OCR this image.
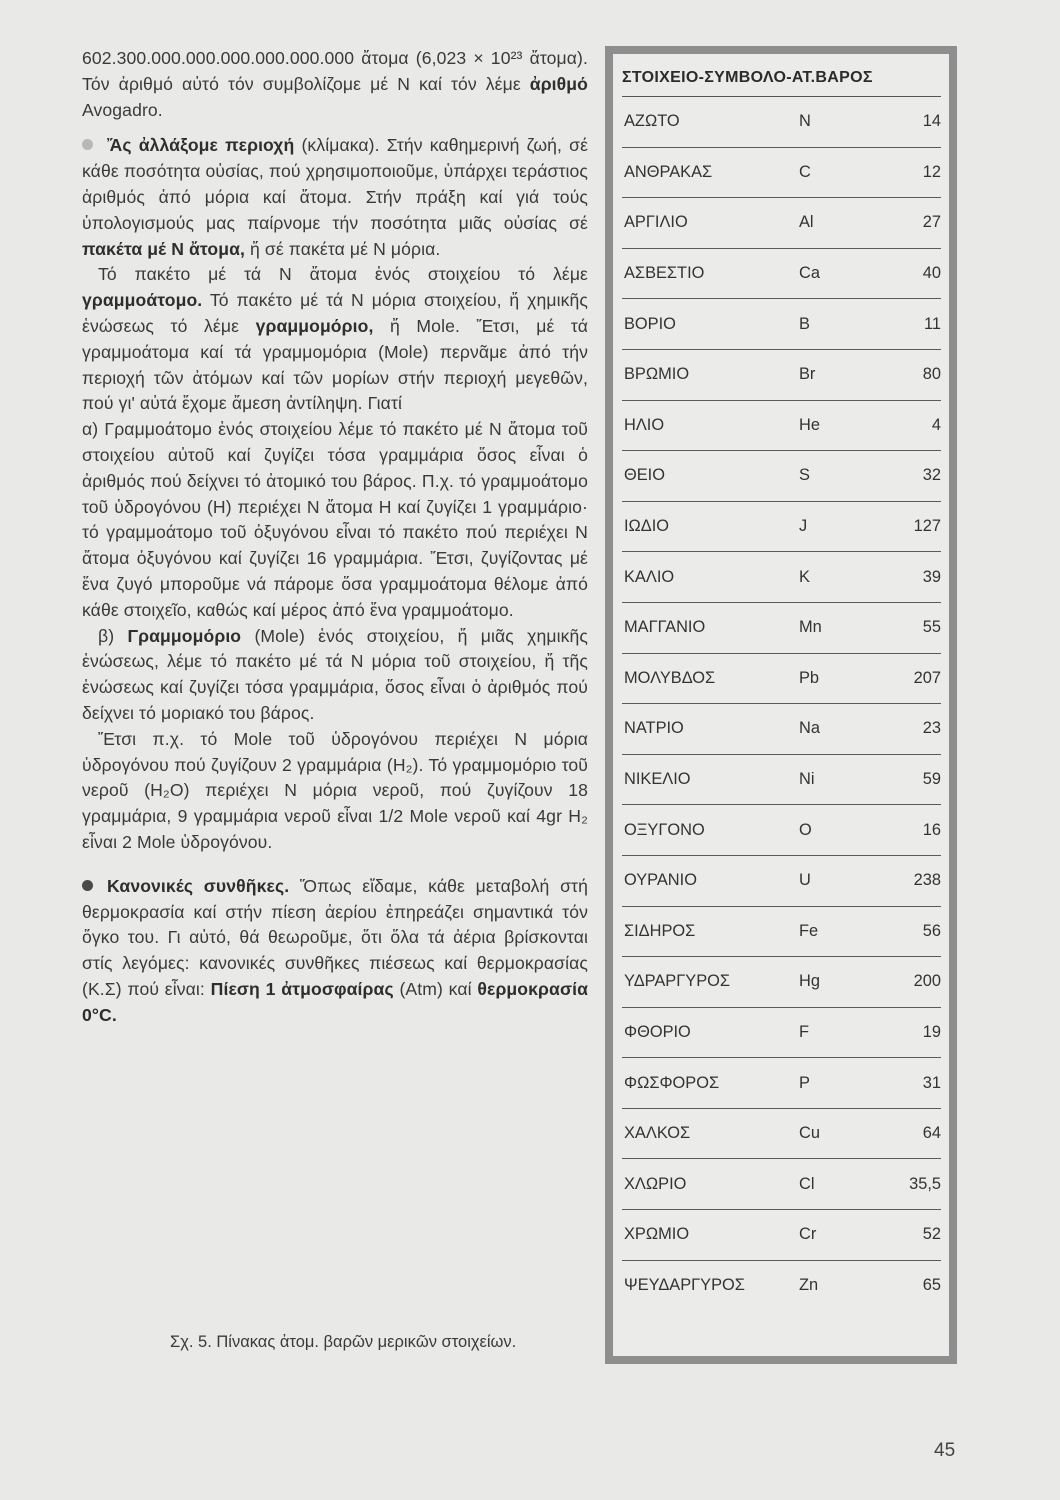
602.300.000.000.000.000.000.000 ἄτομα (6,023 × 10²³ ἄτομα). Τόν ἀριθμό αὐτό τόν συμβολίζομε μέ N καί τόν λέμε ἀριθμό Avogadro.

Ἄς ἀλλάξομε περιοχή (κλίμακα). Στήν καθημερινή ζωή, σέ κάθε ποσότητα οὐσίας, πού χρησιμοποιοῦμε, ὑπάρχει τεράστιος ἀριθμός ἀπό μόρια καί ἄτομα. Στήν πράξη καί γιά τούς ὑπολογισμούς μας παίρνομε τήν ποσότητα μιᾶς οὐσίας σέ πακέτα μέ N ἄτομα, ἤ σέ πακέτα μέ N μόρια.

Τό πακέτο μέ τά N ἄτομα ἑνός στοιχείου τό λέμε γραμμοάτομο. Τό πακέτο μέ τά N μόρια στοιχείου, ἤ χημικῆς ἑνώσεως τό λέμε γραμμομόριο, ἤ Mole. Ἔτσι, μέ τά γραμμοάτομα καί τά γραμμομόρια (Mole) περνᾶμε ἀπό τήν περιοχή τῶν ἀτόμων καί τῶν μορίων στήν περιοχή μεγεθῶν, πού γι' αὐτά ἔχομε ἄμεση ἀντίληψη. Γιατί

α) Γραμμοάτομο ἑνός στοιχείου λέμε τό πακέτο μέ N ἄτομα τοῦ στοιχείου αὐτοῦ καί ζυγίζει τόσα γραμμάρια ὅσος εἶναι ὁ ἀριθμός πού δείχνει τό ἀτομικό του βάρος. Π.χ. τό γραμμοάτομο τοῦ ὑδρογόνου (H) περιέχει N ἄτομα H καί ζυγίζει 1 γραμμάριο· τό γραμμοάτομο τοῦ ὀξυγόνου εἶναι τό πακέτο πού περιέχει N ἄτομα ὀξυγόνου καί ζυγίζει 16 γραμμάρια. Ἔτσι, ζυγίζοντας μέ ἕνα ζυγό μποροῦμε νά πάρομε ὅσα γραμμοάτομα θέλομε ἀπό κάθε στοιχεῖο, καθώς καί μέρος ἀπό ἕνα γραμμοάτομο.

β) Γραμμομόριο (Mole) ἑνός στοιχείου, ἤ μιᾶς χημικῆς ἑνώσεως, λέμε τό πακέτο μέ τά N μόρια τοῦ στοιχείου, ἤ τῆς ἑνώσεως καί ζυγίζει τόσα γραμμάρια, ὅσος εἶναι ὁ ἀριθμός πού δείχνει τό μοριακό του βάρος.

Ἔτσι π.χ. τό Mole τοῦ ὑδρογόνου περιέχει N μόρια ὑδρογόνου πού ζυγίζουν 2 γραμμάρια (H₂). Τό γραμμομόριο τοῦ νεροῦ (H₂O) περιέχει N μόρια νεροῦ, πού ζυγίζουν 18 γραμμάρια, 9 γραμμάρια νεροῦ εἶναι 1/2 Mole νεροῦ καί 4gr H₂ εἶναι 2 Mole ὑδρογόνου.

Κανονικές συνθῆκες. Ὅπως εἴδαμε, κάθε μεταβολή στή θερμοκρασία καί στήν πίεση ἀερίου ἐπηρεάζει σημαντικά τόν ὄγκο του. Γι αὐτό, θά θεωροῦμε, ὅτι ὅλα τά ἀέρια βρίσκονται στίς λεγόμες: κανονικές συνθῆκες πιέσεως καί θερμοκρασίας (Κ.Σ) πού εἶναι: Πίεση 1 ἀτμοσφαίρας (Atm) καί θερμοκρασία 0°C.

Σχ. 5. Πίνακας ἀτομ. βαρῶν μερικῶν στοιχείων.
ΣΤΟΙΧΕΙΟ-ΣΥΜΒΟΛΟ-ΑΤ.ΒΑΡΟΣ
ΑΖΩΤΟ	N	14
ΑΝΘΡΑΚΑΣ	C	12
ΑΡΓΙΛΙΟ	Al	27
ΑΣΒΕΣΤΙΟ	Ca	40
ΒΟΡΙΟ	B	11
ΒΡΩΜΙΟ	Br	80
ΗΛΙΟ	He	4
ΘΕΙΟ	S	32
ΙΩΔΙΟ	J	127
ΚΑΛΙΟ	K	39
ΜΑΓΓΑΝΙΟ	Mn	55
ΜΟΛΥΒΔΟΣ	Pb	207
ΝΑΤΡΙΟ	Na	23
ΝΙΚΕΛΙΟ	Ni	59
ΟΞΥΓΟΝΟ	O	16
ΟΥΡΑΝΙΟ	U	238
ΣΙΔΗΡΟΣ	Fe	56
ΥΔΡΑΡΓΥΡΟΣ	Hg	200
ΦΘΟΡΙΟ	F	19
ΦΩΣΦΟΡΟΣ	P	31
ΧΑΛΚΟΣ	Cu	64
ΧΛΩΡΙΟ	Cl	35,5
ΧΡΩΜΙΟ	Cr	52
ΨΕΥΔΑΡΓΥΡΟΣ	Zn	65
45
